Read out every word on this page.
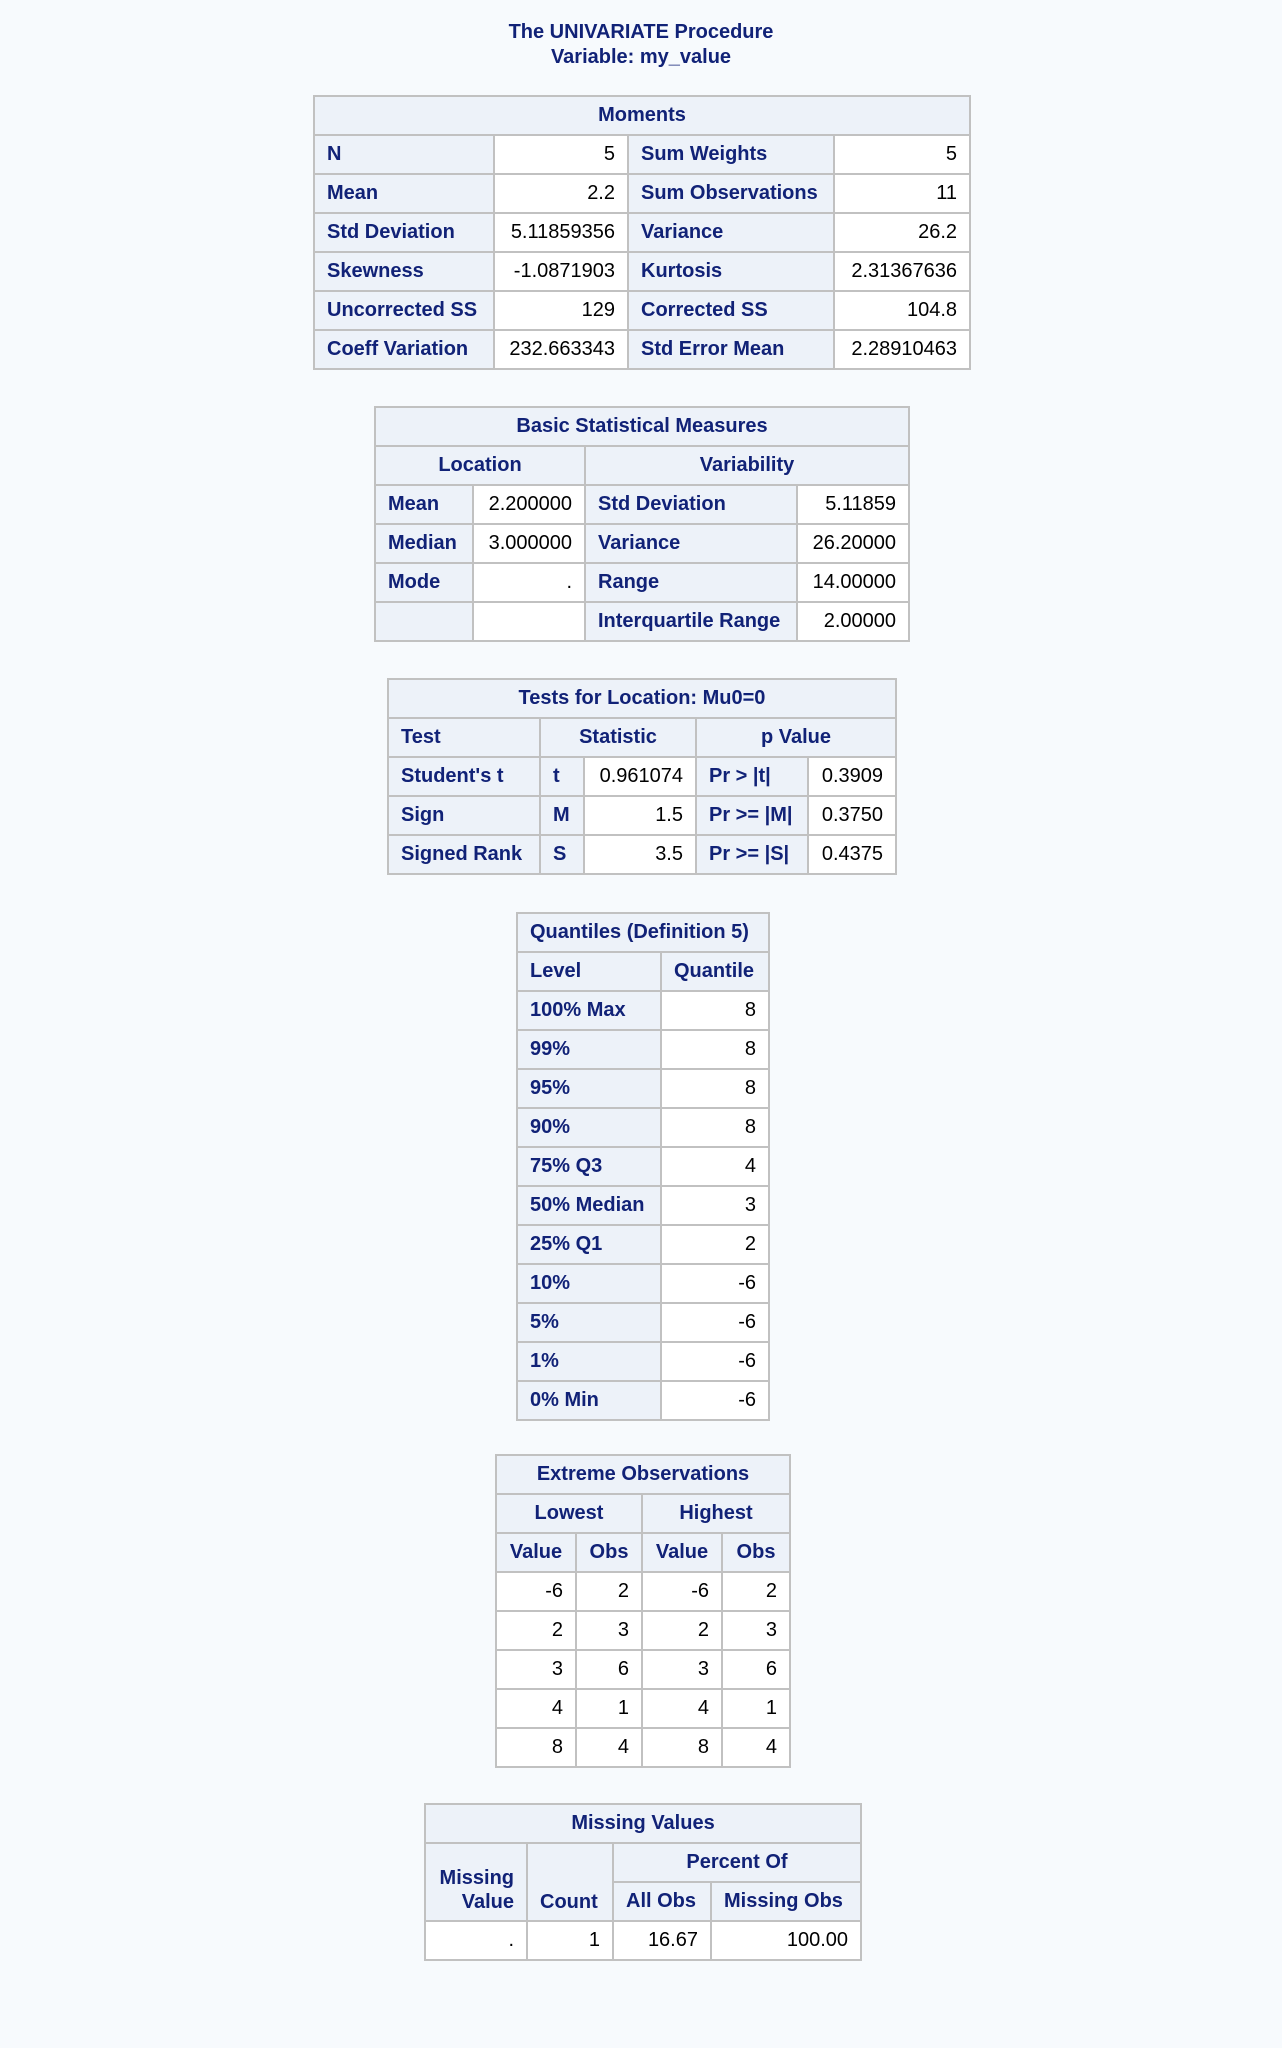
The UNIVARIATE Procedure
Variable: my_value
Moments			
N	5	Sum Weights	5
Mean	2.2	Sum Observations	11
Std Deviation	5.11859356	Variance	26.2
Skewness	-1.0871903	Kurtosis	2.31367636
Uncorrected SS	129	Corrected SS	104.8
Coeff Variation	232.663343	Std Error Mean	2.28910463
Basic Statistical Measures			
Location		Variability	
Mean	2.200000	Std Deviation	5.11859
Median	3.000000	Variance	26.20000
Mode	.	Range	14.00000
		Interquartile Range	2.00000
Tests for Location: Mu0=0				
Test	Statistic		p Value	
Student's t	t	0.961074	Pr > |t|	0.3909
Sign	M	1.5	Pr >= |M|	0.3750
Signed Rank	S	3.5	Pr >= |S|	0.4375
Quantiles (Definition 5)	
Level	Quantile
100% Max	8
99%	8
95%	8
90%	8
75% Q3	4
50% Median	3
25% Q1	2
10%	-6
5%	-6
1%	-6
0% Min	-6
Extreme Observations			
Lowest		Highest	
Value	Obs	Value	Obs
-6	2	-6	2
2	3	2	3
3	6	3	6
4	1	4	1
8	4	8	4
Missing Values			
Missing
Value	Count	Percent Of	
		All Obs	Missing Obs
.	1	16.67	100.00
